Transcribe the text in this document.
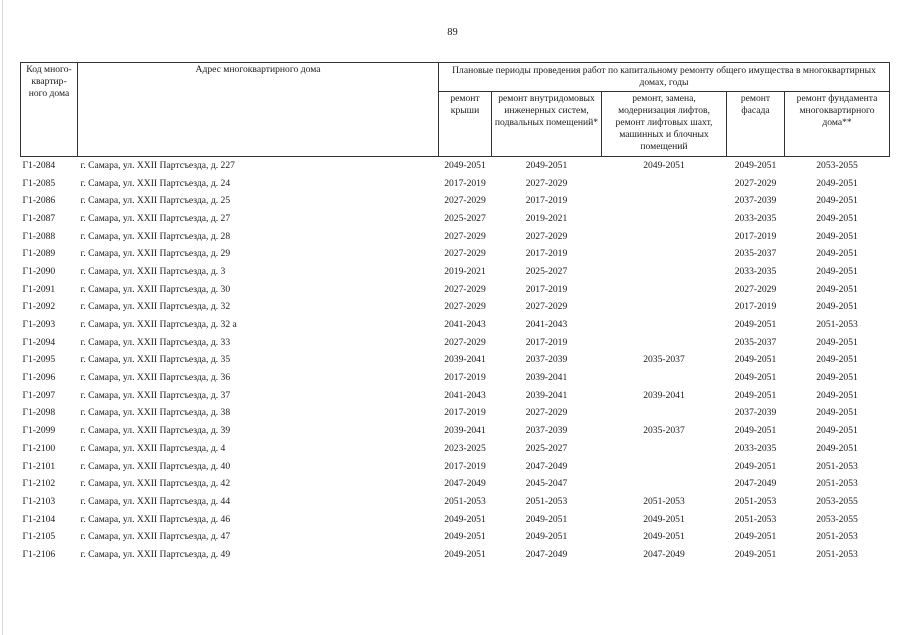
89
Код много-квартир-ного дома	Адрес многоквартирного дома	Плановые периоды проведения работ по капитальному ремонту общего имущества в многоквартирных домах, годы				
		ремонт крыши	ремонт внутридомовых инженерных систем, подвальных помещений*	ремонт, замена, модернизация лифтов, ремонт лифтовых шахт, машинных и блочных помещений	ремонт фасада	ремонт фундамента многоквартирного дома**
Г1-2084	г. Самара, ул. XXII Партсъезда, д. 227	2049-2051	2049-2051	2049-2051	2049-2051	2053-2055
Г1-2085	г. Самара, ул. XXII Партсъезда, д. 24	2017-2019	2027-2029		2027-2029	2049-2051
Г1-2086	г. Самара, ул. XXII Партсъезда, д. 25	2027-2029	2017-2019		2037-2039	2049-2051
Г1-2087	г. Самара, ул. XXII Партсъезда, д. 27	2025-2027	2019-2021		2033-2035	2049-2051
Г1-2088	г. Самара, ул. XXII Партсъезда, д. 28	2027-2029	2027-2029		2017-2019	2049-2051
Г1-2089	г. Самара, ул. XXII Партсъезда, д. 29	2027-2029	2017-2019		2035-2037	2049-2051
Г1-2090	г. Самара, ул. XXII Партсъезда, д. 3	2019-2021	2025-2027		2033-2035	2049-2051
Г1-2091	г. Самара, ул. XXII Партсъезда, д. 30	2027-2029	2017-2019		2027-2029	2049-2051
Г1-2092	г. Самара, ул. XXII Партсъезда, д. 32	2027-2029	2027-2029		2017-2019	2049-2051
Г1-2093	г. Самара, ул. XXII Партсъезда, д. 32 а	2041-2043	2041-2043		2049-2051	2051-2053
Г1-2094	г. Самара, ул. XXII Партсъезда, д. 33	2027-2029	2017-2019		2035-2037	2049-2051
Г1-2095	г. Самара, ул. XXII Партсъезда, д. 35	2039-2041	2037-2039	2035-2037	2049-2051	2049-2051
Г1-2096	г. Самара, ул. XXII Партсъезда, д. 36	2017-2019	2039-2041		2049-2051	2049-2051
Г1-2097	г. Самара, ул. XXII Партсъезда, д. 37	2041-2043	2039-2041	2039-2041	2049-2051	2049-2051
Г1-2098	г. Самара, ул. XXII Партсъезда, д. 38	2017-2019	2027-2029		2037-2039	2049-2051
Г1-2099	г. Самара, ул. XXII Партсъезда, д. 39	2039-2041	2037-2039	2035-2037	2049-2051	2049-2051
Г1-2100	г. Самара, ул. XXII Партсъезда, д. 4	2023-2025	2025-2027		2033-2035	2049-2051
Г1-2101	г. Самара, ул. XXII Партсъезда, д. 40	2017-2019	2047-2049		2049-2051	2051-2053
Г1-2102	г. Самара, ул. XXII Партсъезда, д. 42	2047-2049	2045-2047		2047-2049	2051-2053
Г1-2103	г. Самара, ул. XXII Партсъезда, д. 44	2051-2053	2051-2053	2051-2053	2051-2053	2053-2055
Г1-2104	г. Самара, ул. XXII Партсъезда, д. 46	2049-2051	2049-2051	2049-2051	2051-2053	2053-2055
Г1-2105	г. Самара, ул. XXII Партсъезда, д. 47	2049-2051	2049-2051	2049-2051	2049-2051	2051-2053
Г1-2106	г. Самара, ул. XXII Партсъезда, д. 49	2049-2051	2047-2049	2047-2049	2049-2051	2051-2053
